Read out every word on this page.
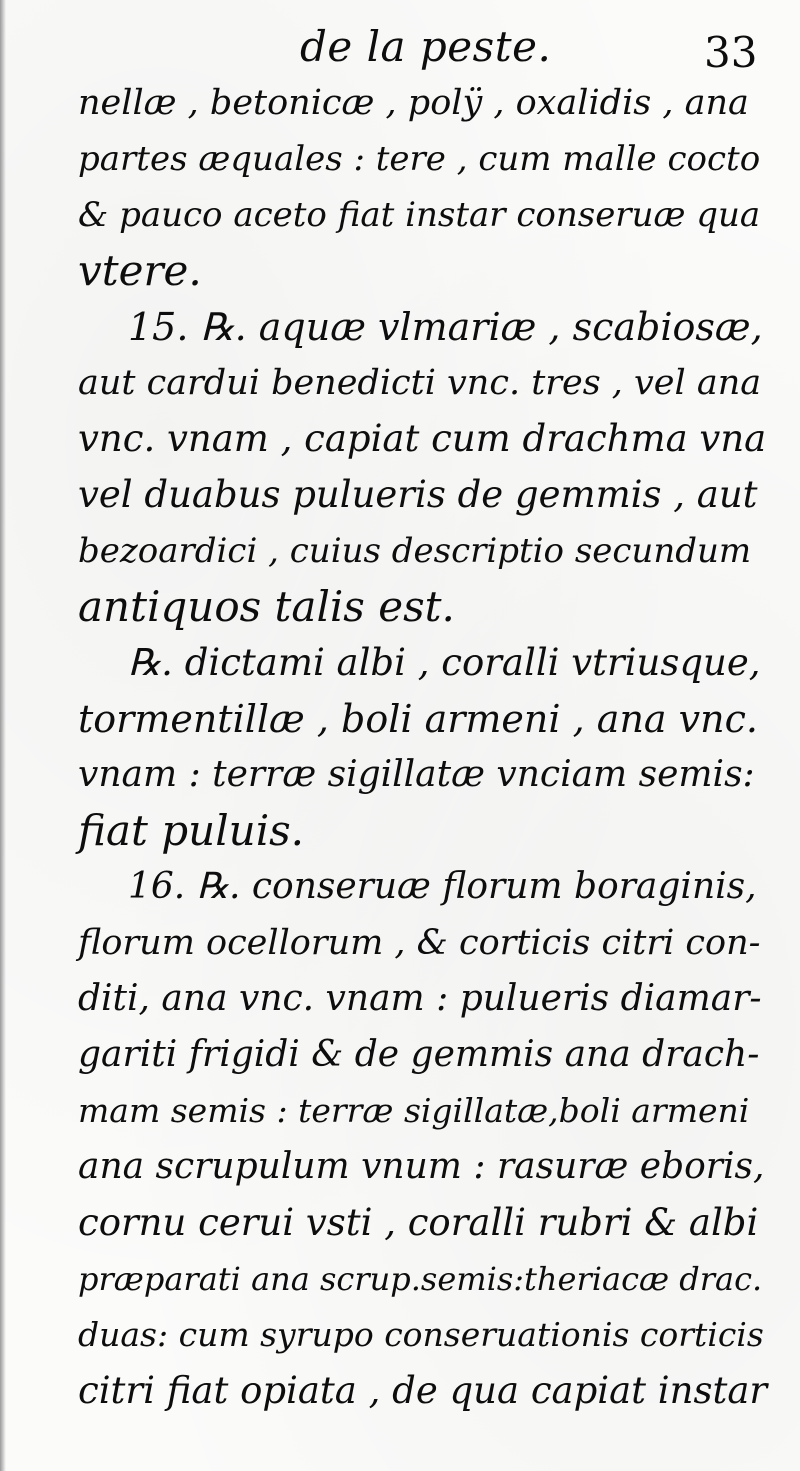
de la peste.	33
nellæ , betonicæ , polÿ , oxalidis , ana
partes æquales : tere , cum malle cocto
& pauco aceto fiat instar conseruæ qua
vtere.
15. ℞. aquæ vlmariæ , scabiosæ,
aut cardui benedicti vnc. tres , vel ana
vnc. vnam , capiat cum drachma vna
vel duabus pulueris de gemmis , aut
bezoardici , cuius descriptio secundum
antiquos talis est.
℞. dictami albi , coralli vtriusque,
tormentillæ , boli armeni , ana vnc.
vnam : terræ sigillatæ vnciam semis:
fiat puluis.
16. ℞. conseruæ florum boraginis,
florum ocellorum , & corticis citri con-
diti, ana vnc. vnam : pulueris diamar-
gariti frigidi & de gemmis ana drach-
mam semis : terræ sigillatæ,boli armeni
ana scrupulum vnum : rasuræ eboris,
cornu cerui vsti , coralli rubri & albi
præparati ana scrup.semis:theriacæ drac.
duas: cum syrupo conseruationis corticis
citri fiat opiata , de qua capiat instar
